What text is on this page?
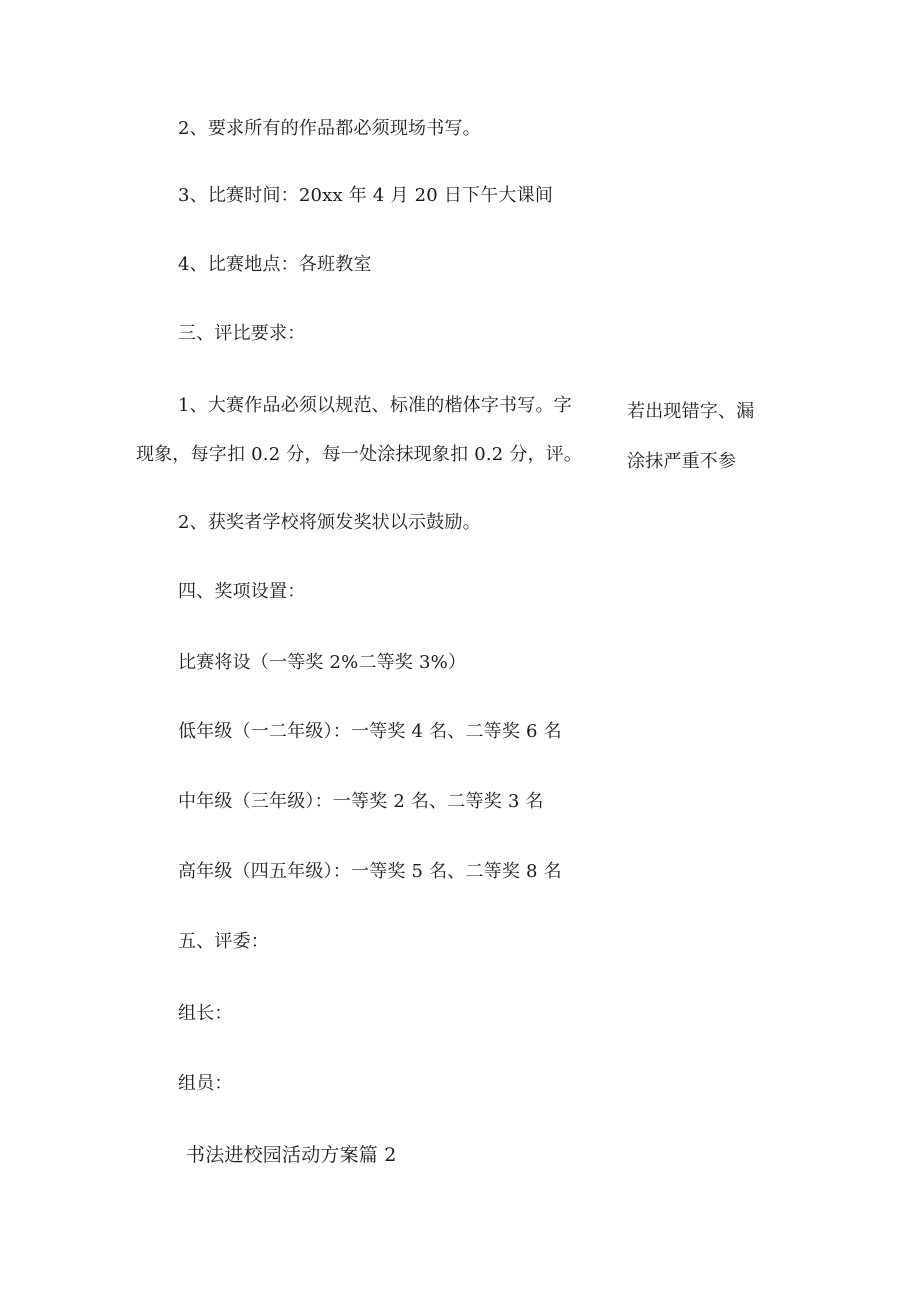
2、要求所有的作品都必须现场书写。
3、比赛时间：20xx 年 4 月 20 日下午大课间
4、比赛地点：各班教室
三、评比要求：
1、大赛作品必须以规范、标准的楷体字书写。字	若出现错字、漏
现象，每字扣 0.2 分，每一处涂抹现象扣 0.2 分，评。 涂抹严重不参
2、获奖者学校将颁发奖状以示鼓励。
四、奖项设置：
比赛将设（一等奖 2%二等奖 3%）
低年级（一二年级）：一等奖 4 名、二等奖 6 名
中年级（三年级）：一等奖 2 名、二等奖 3 名
高年级（四五年级）：一等奖 5 名、二等奖 8 名
五、评委：
组长：
组员：
书法进校园活动方案篇 2
